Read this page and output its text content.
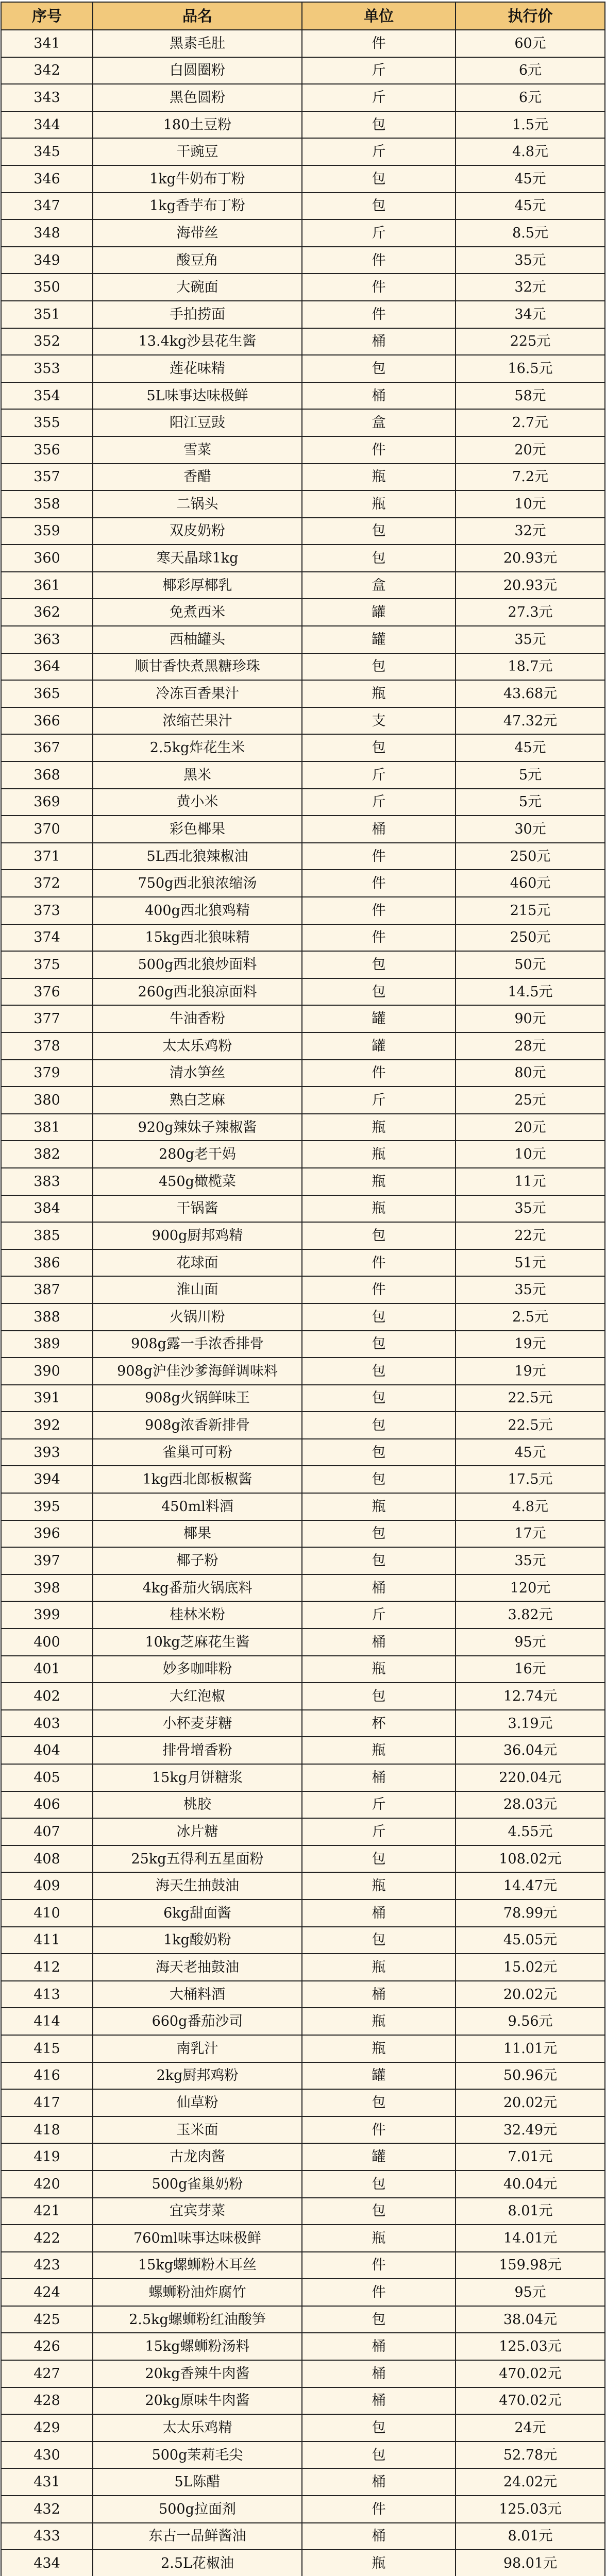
序号	品名	单位	执行价
341	黑素毛肚	件	60元
342	白圆圈粉	斤	6元
343	黑色圆粉	斤	6元
344	180土豆粉	包	1.5元
345	干豌豆	斤	4.8元
346	1kg牛奶布丁粉	包	45元
347	1kg香芋布丁粉	包	45元
348	海带丝	斤	8.5元
349	酸豆角	件	35元
350	大碗面	件	32元
351	手拍捞面	件	34元
352	13.4kg沙县花生酱	桶	225元
353	莲花味精	包	16.5元
354	5L味事达味极鲜	桶	58元
355	阳江豆豉	盒	2.7元
356	雪菜	件	20元
357	香醋	瓶	7.2元
358	二锅头	瓶	10元
359	双皮奶粉	包	32元
360	寒天晶球1kg	包	20.93元
361	椰彩厚椰乳	盒	20.93元
362	免煮西米	罐	27.3元
363	西柚罐头	罐	35元
364	顺甘香快煮黑糖珍珠	包	18.7元
365	冷冻百香果汁	瓶	43.68元
366	浓缩芒果汁	支	47.32元
367	2.5kg炸花生米	包	45元
368	黑米	斤	5元
369	黄小米	斤	5元
370	彩色椰果	桶	30元
371	5L西北狼辣椒油	件	250元
372	750g西北狼浓缩汤	件	460元
373	400g西北狼鸡精	件	215元
374	15kg西北狼味精	件	250元
375	500g西北狼炒面料	包	50元
376	260g西北狼凉面料	包	14.5元
377	牛油香粉	罐	90元
378	太太乐鸡粉	罐	28元
379	清水笋丝	件	80元
380	熟白芝麻	斤	25元
381	920g辣妹子辣椒酱	瓶	20元
382	280g老干妈	瓶	10元
383	450g橄榄菜	瓶	11元
384	干锅酱	瓶	35元
385	900g厨邦鸡精	包	22元
386	花球面	件	51元
387	淮山面	件	35元
388	火锅川粉	包	2.5元
389	908g露一手浓香排骨	包	19元
390	908g沪佳沙爹海鲜调味料	包	19元
391	908g火锅鲜味王	包	22.5元
392	908g浓香新排骨	包	22.5元
393	雀巢可可粉	包	45元
394	1kg西北郎板椒酱	包	17.5元
395	450ml料酒	瓶	4.8元
396	椰果	包	17元
397	椰子粉	包	35元
398	4kg番茄火锅底料	桶	120元
399	桂林米粉	斤	3.82元
400	10kg芝麻花生酱	桶	95元
401	妙多咖啡粉	瓶	16元
402	大红泡椒	包	12.74元
403	小杯麦芽糖	杯	3.19元
404	排骨增香粉	瓶	36.04元
405	15kg月饼糖浆	桶	220.04元
406	桃胶	斤	28.03元
407	冰片糖	斤	4.55元
408	25kg五得利五星面粉	包	108.02元
409	海天生抽鼓油	瓶	14.47元
410	6kg甜面酱	桶	78.99元
411	1kg酸奶粉	包	45.05元
412	海天老抽鼓油	瓶	15.02元
413	大桶料酒	桶	20.02元
414	660g番茄沙司	瓶	9.56元
415	南乳汁	瓶	11.01元
416	2kg厨邦鸡粉	罐	50.96元
417	仙草粉	包	20.02元
418	玉米面	件	32.49元
419	古龙肉酱	罐	7.01元
420	500g雀巢奶粉	包	40.04元
421	宜宾芽菜	包	8.01元
422	760ml味事达味极鲜	瓶	14.01元
423	15kg螺蛳粉木耳丝	件	159.98元
424	螺蛳粉油炸腐竹	件	95元
425	2.5kg螺蛳粉红油酸笋	包	38.04元
426	15kg螺蛳粉汤料	桶	125.03元
427	20kg香辣牛肉酱	桶	470.02元
428	20kg原味牛肉酱	桶	470.02元
429	太太乐鸡精	包	24元
430	500g茉莉毛尖	包	52.78元
431	5L陈醋	桶	24.02元
432	500g拉面剂	件	125.03元
433	东古一品鲜酱油	桶	8.01元
434	2.5L花椒油	瓶	98.01元
